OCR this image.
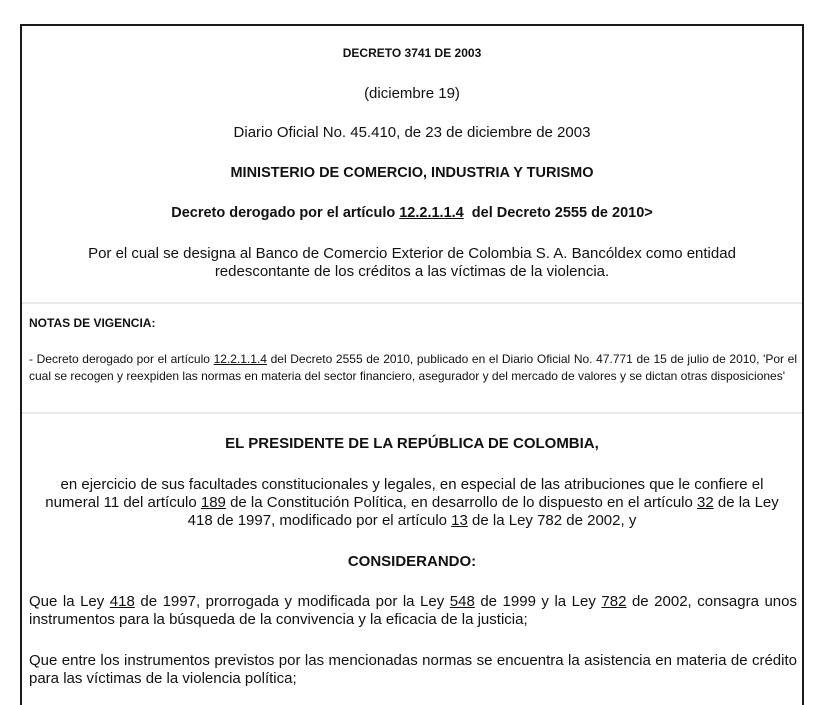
DECRETO 3741 DE 2003
(diciembre 19)
Diario Oficial No. 45.410, de 23 de diciembre de 2003
MINISTERIO DE COMERCIO, INDUSTRIA Y TURISMO
Decreto derogado por el artículo 12.2.1.1.4  del Decreto 2555 de 2010>
Por el cual se designa al Banco de Comercio Exterior de Colombia S. A. Bancóldex como entidad redescontante de los créditos a las víctimas de la violencia.
NOTAS DE VIGENCIA:
- Decreto derogado por el artículo 12.2.1.1.4 del Decreto 2555 de 2010, publicado en el Diario Oficial No. 47.771 de 15 de julio de 2010, 'Por el cual se recogen y reexpiden las normas en materia del sector financiero, asegurador y del mercado de valores y se dictan otras disposiciones'
EL PRESIDENTE DE LA REPÚBLICA DE COLOMBIA,
en ejercicio de sus facultades constitucionales y legales, en especial de las atribuciones que le confiere el numeral 11 del artículo 189 de la Constitución Política, en desarrollo de lo dispuesto en el artículo 32 de la Ley 418 de 1997, modificado por el artículo 13 de la Ley 782 de 2002, y
CONSIDERANDO:
Que la Ley 418 de 1997, prorrogada y modificada por la Ley 548 de 1999 y la Ley 782 de 2002, consagra unos instrumentos para la búsqueda de la convivencia y la eficacia de la justicia;
Que entre los instrumentos previstos por las mencionadas normas se encuentra la asistencia en materia de crédito para las víctimas de la violencia política;
